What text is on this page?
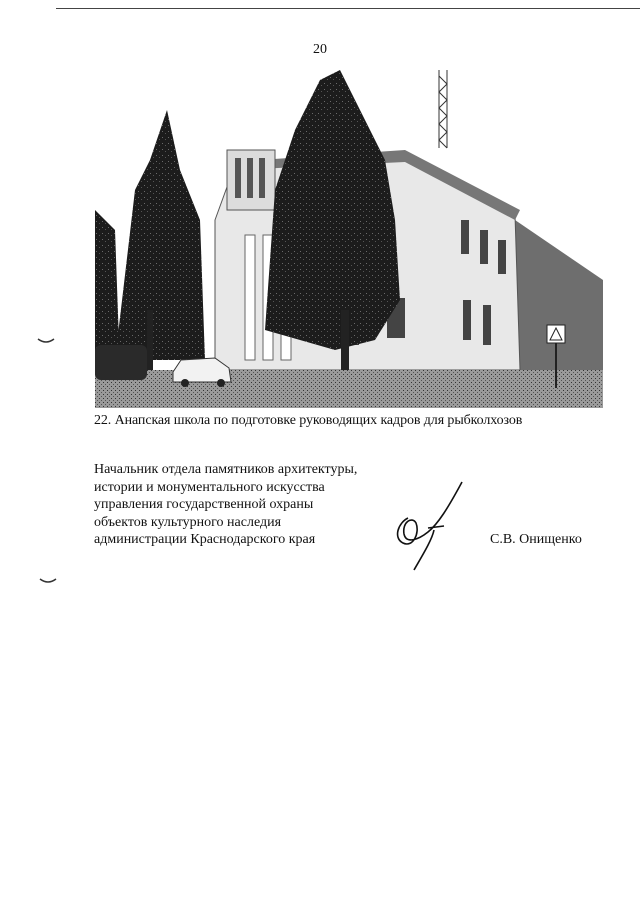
20
22. Анапская школа по подготовке руководящих кадров для рыбколхозов
Начальник отдела памятников архитектуры,
истории и монументального искусства
управления государственной охраны
объектов культурного наследия
администрации Краснодарского края	С.В. Онищенко
